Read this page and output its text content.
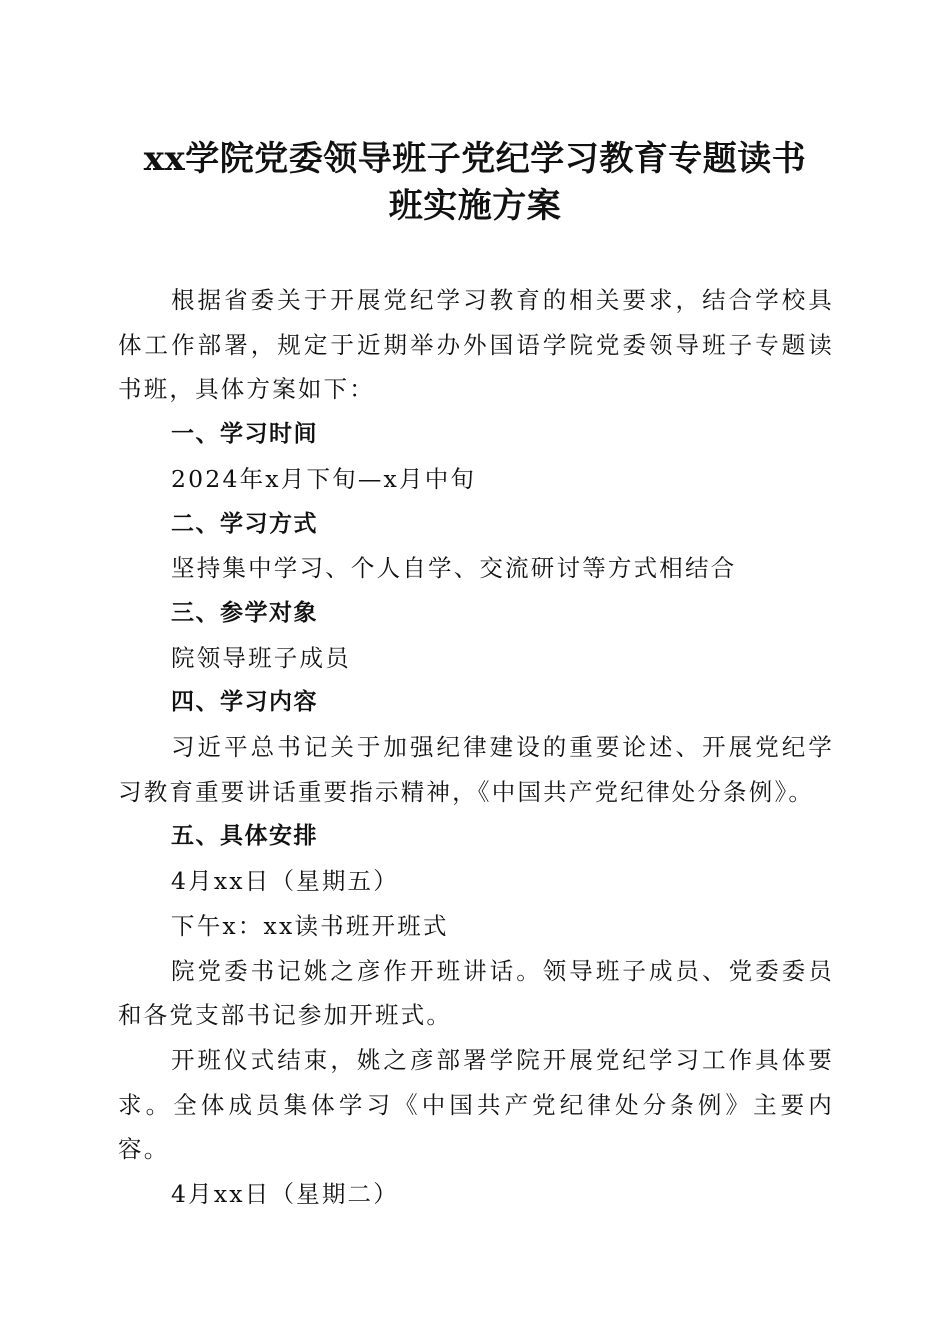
xx学院党委领导班子党纪学习教育专题读书
班实施方案

根据省委关于开展党纪学习教育的相关要求，结合学校具体工作部署，规定于近期举办外国语学院党委领导班子专题读书班，具体方案如下：

一、学习时间

2024年x月下旬—x月中旬

二、学习方式

坚持集中学习、个人自学、交流研讨等方式相结合

三、参学对象

院领导班子成员

四、学习内容

习近平总书记关于加强纪律建设的重要论述、开展党纪学习教育重要讲话重要指示精神，《中国共产党纪律处分条例》。

五、具体安排

4月xx日（星期五）

下午x：xx读书班开班式

院党委书记姚之彦作开班讲话。领导班子成员、党委委员和各党支部书记参加开班式。

开班仪式结束，姚之彦部署学院开展党纪学习工作具体要求。全体成员集体学习《中国共产党纪律处分条例》主要内容。

4月xx日（星期二）
